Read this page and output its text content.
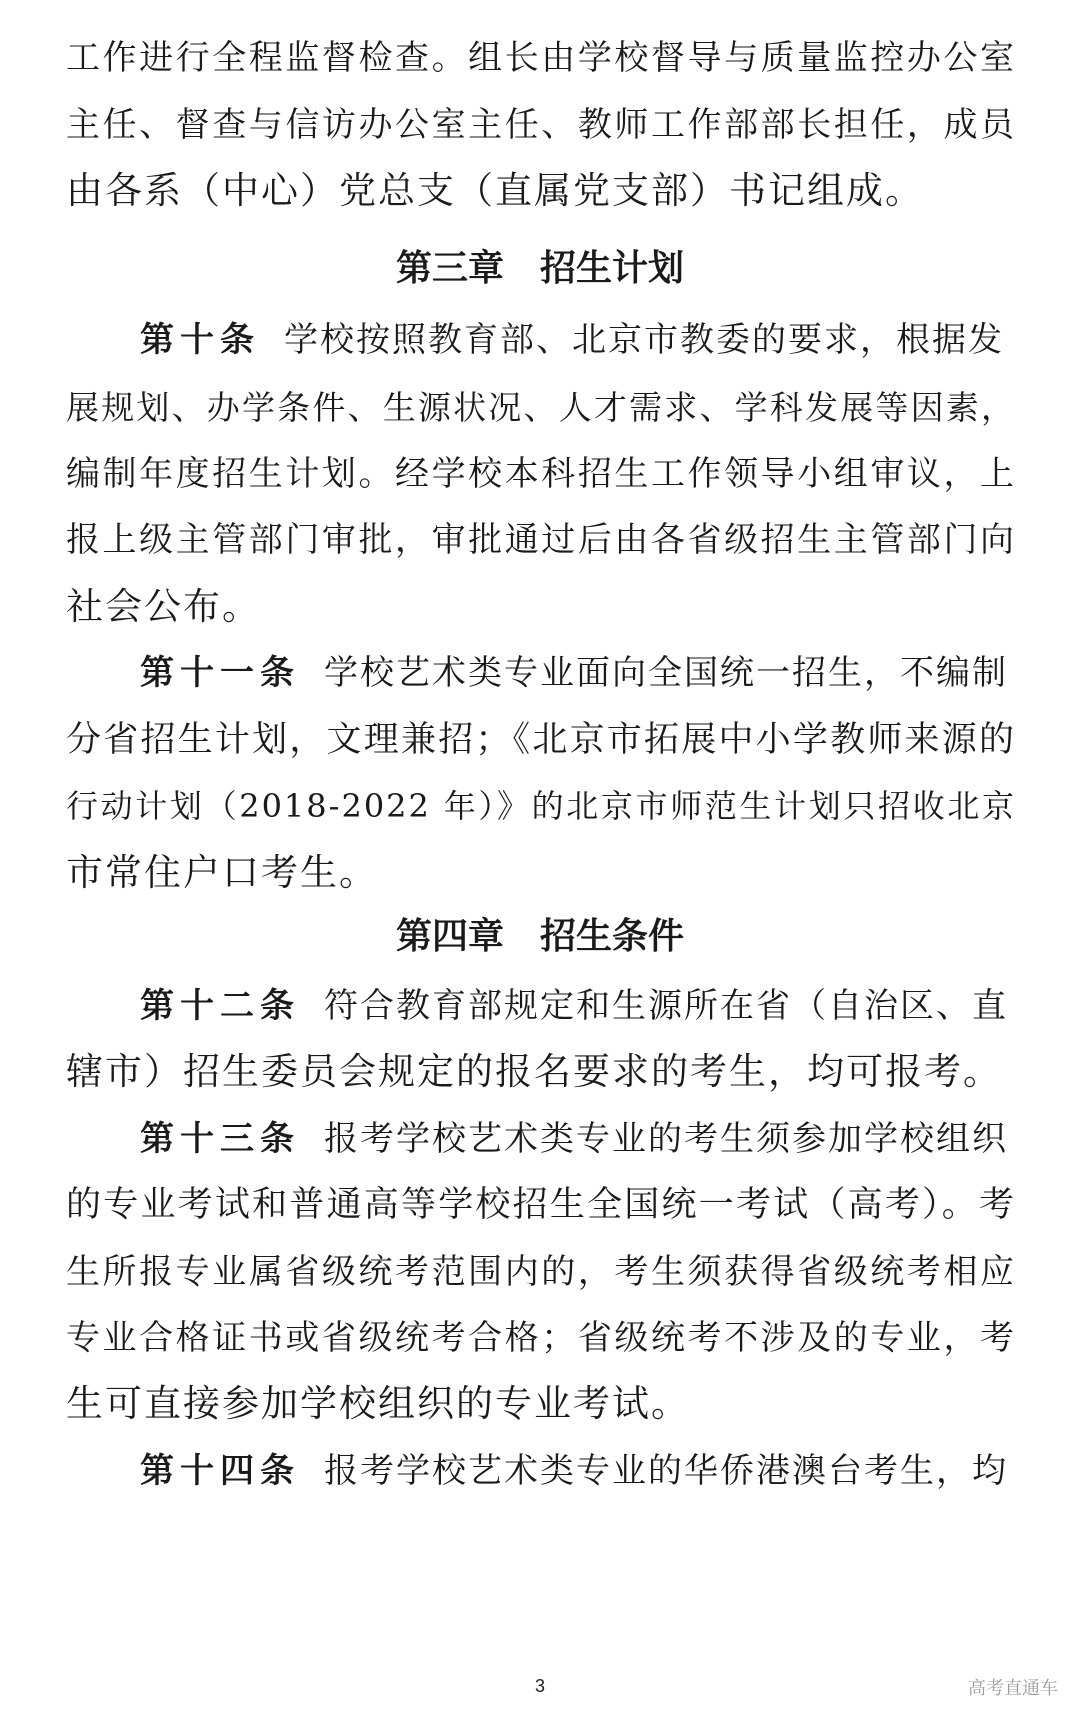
工作进行全程监督检查。组长由学校督导与质量监控办公室
主任、督查与信访办公室主任、教师工作部部长担任，成员
由各系（中心）党总支（直属党支部）书记组成。
第三章　招生计划
第十条 学校按照教育部、北京市教委的要求，根据发
展规划、办学条件、生源状况、人才需求、学科发展等因素，
编制年度招生计划。经学校本科招生工作领导小组审议，上
报上级主管部门审批，审批通过后由各省级招生主管部门向
社会公布。
第十一条 学校艺术类专业面向全国统一招生，不编制
分省招生计划，文理兼招；《北京市拓展中小学教师来源的
行动计划（2018-2022 年）》的北京市师范生计划只招收北京
市常住户口考生。
第四章　招生条件
第十二条 符合教育部规定和生源所在省（自治区、直
辖市）招生委员会规定的报名要求的考生，均可报考。
第十三条 报考学校艺术类专业的考生须参加学校组织
的专业考试和普通高等学校招生全国统一考试（高考）。考
生所报专业属省级统考范围内的，考生须获得省级统考相应
专业合格证书或省级统考合格；省级统考不涉及的专业，考
生可直接参加学校组织的专业考试。
第十四条 报考学校艺术类专业的华侨港澳台考生，均
3	高考直通车
